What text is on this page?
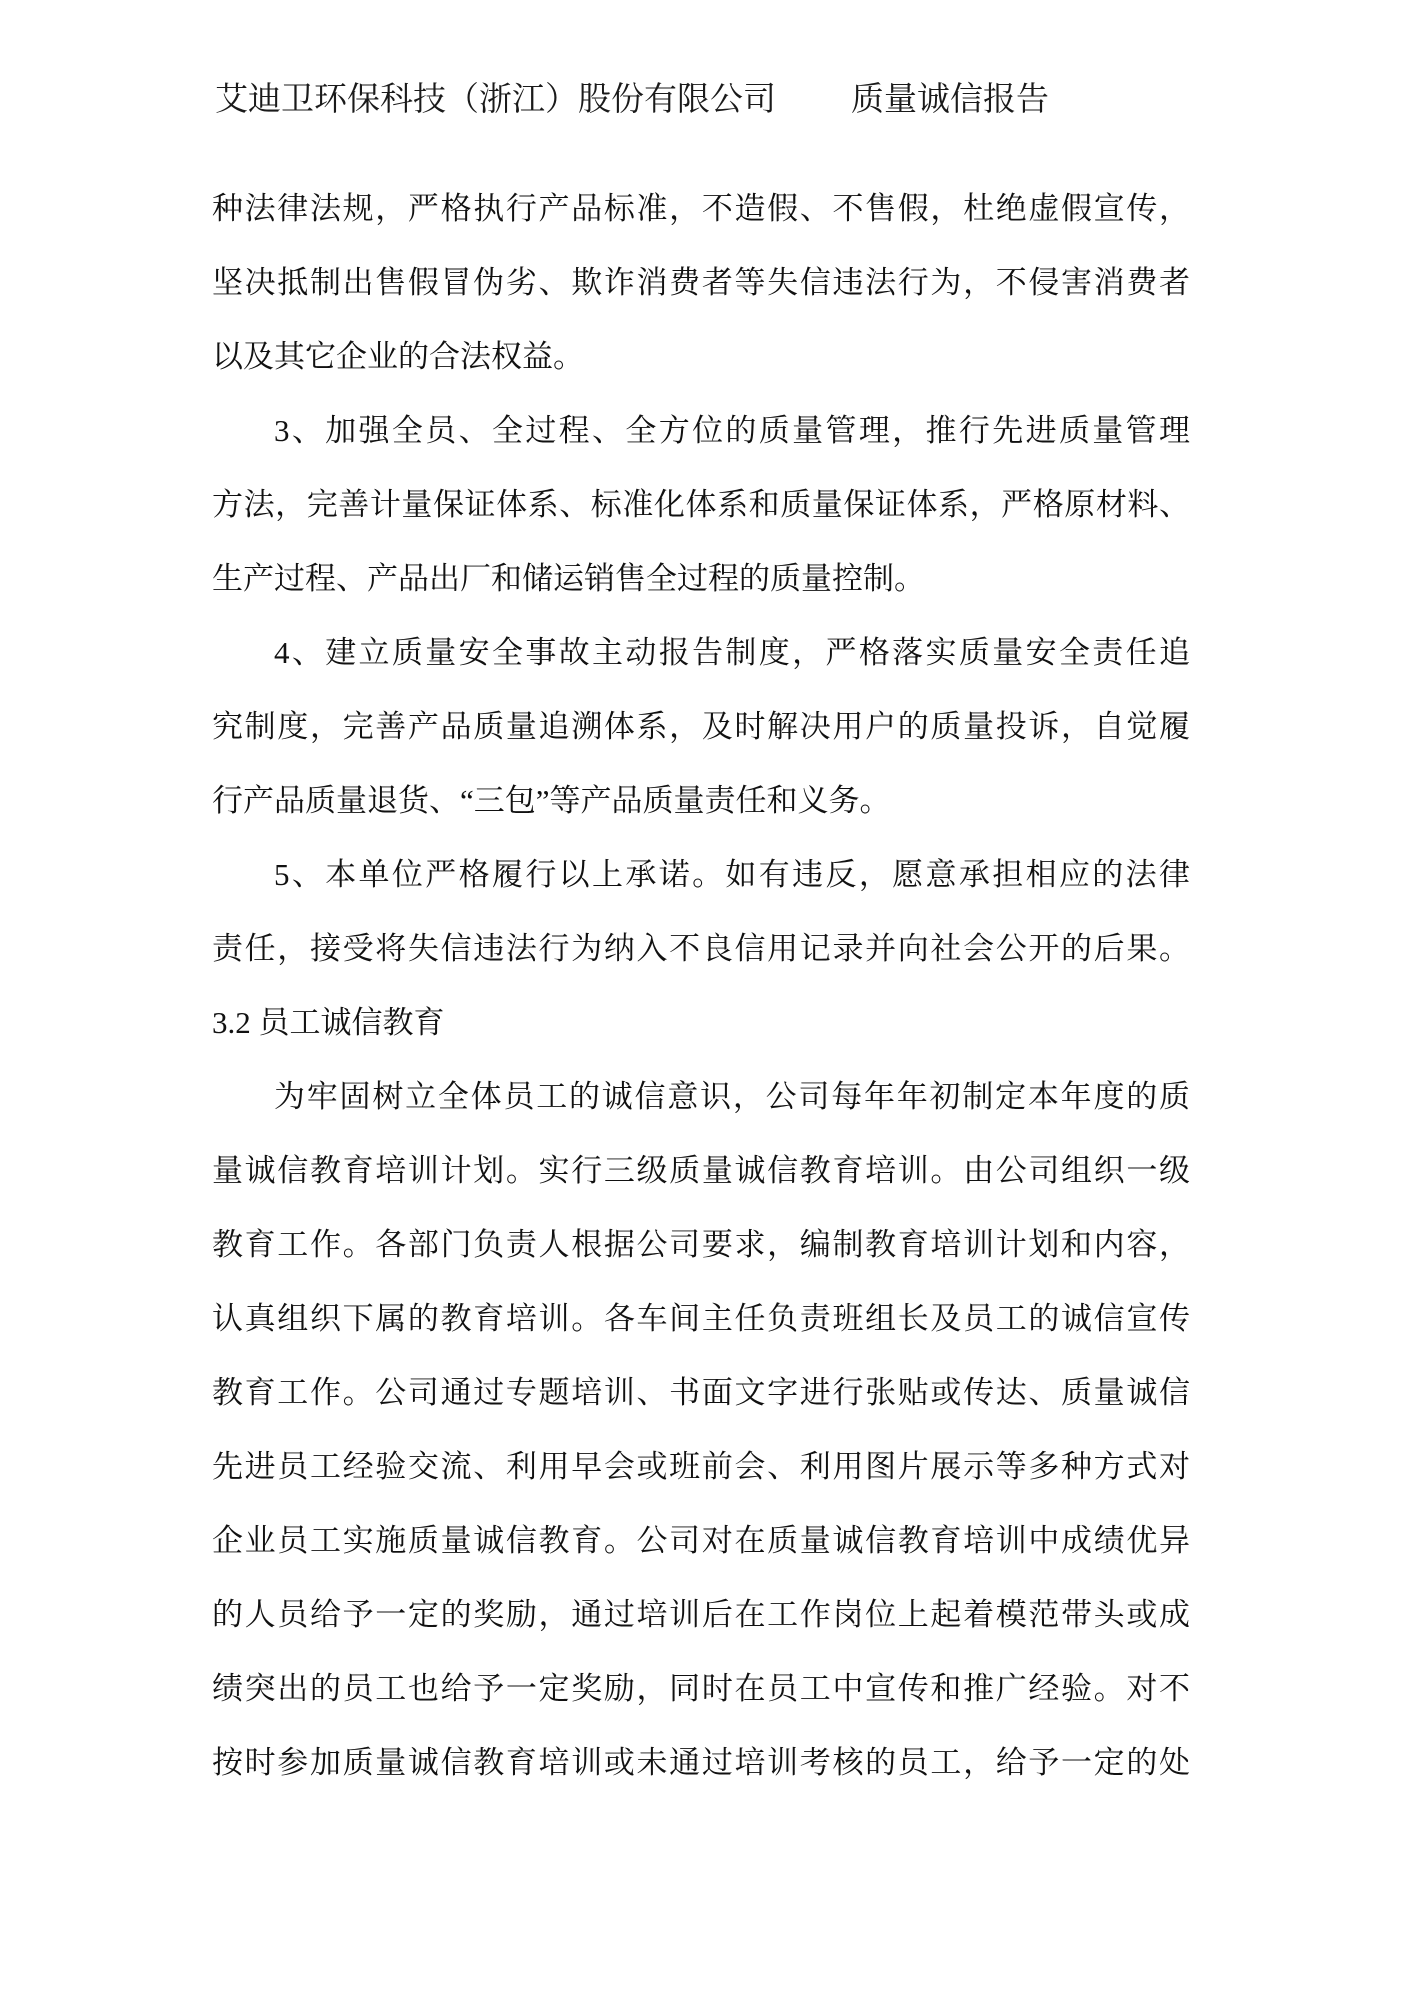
艾迪卫环保科技（浙江）股份有限公司 质量诚信报告
种法律法规，严格执行产品标准，不造假、不售假，杜绝虚假宣传，
坚决抵制出售假冒伪劣、欺诈消费者等失信违法行为，不侵害消费者
以及其它企业的合法权益。
3、加强全员、全过程、全方位的质量管理，推行先进质量管理
方法，完善计量保证体系、标准化体系和质量保证体系，严格原材料、
生产过程、产品出厂和储运销售全过程的质量控制。
4、建立质量安全事故主动报告制度，严格落实质量安全责任追
究制度，完善产品质量追溯体系，及时解决用户的质量投诉，自觉履
行产品质量退货、“三包”等产品质量责任和义务。
5、本单位严格履行以上承诺。如有违反，愿意承担相应的法律
责任，接受将失信违法行为纳入不良信用记录并向社会公开的后果。
3.2 员工诚信教育
为牢固树立全体员工的诚信意识，公司每年年初制定本年度的质
量诚信教育培训计划。实行三级质量诚信教育培训。由公司组织一级
教育工作。各部门负责人根据公司要求，编制教育培训计划和内容，
认真组织下属的教育培训。各车间主任负责班组长及员工的诚信宣传
教育工作。公司通过专题培训、书面文字进行张贴或传达、质量诚信
先进员工经验交流、利用早会或班前会、利用图片展示等多种方式对
企业员工实施质量诚信教育。公司对在质量诚信教育培训中成绩优异
的人员给予一定的奖励，通过培训后在工作岗位上起着模范带头或成
绩突出的员工也给予一定奖励，同时在员工中宣传和推广经验。对不
按时参加质量诚信教育培训或未通过培训考核的员工，给予一定的处
